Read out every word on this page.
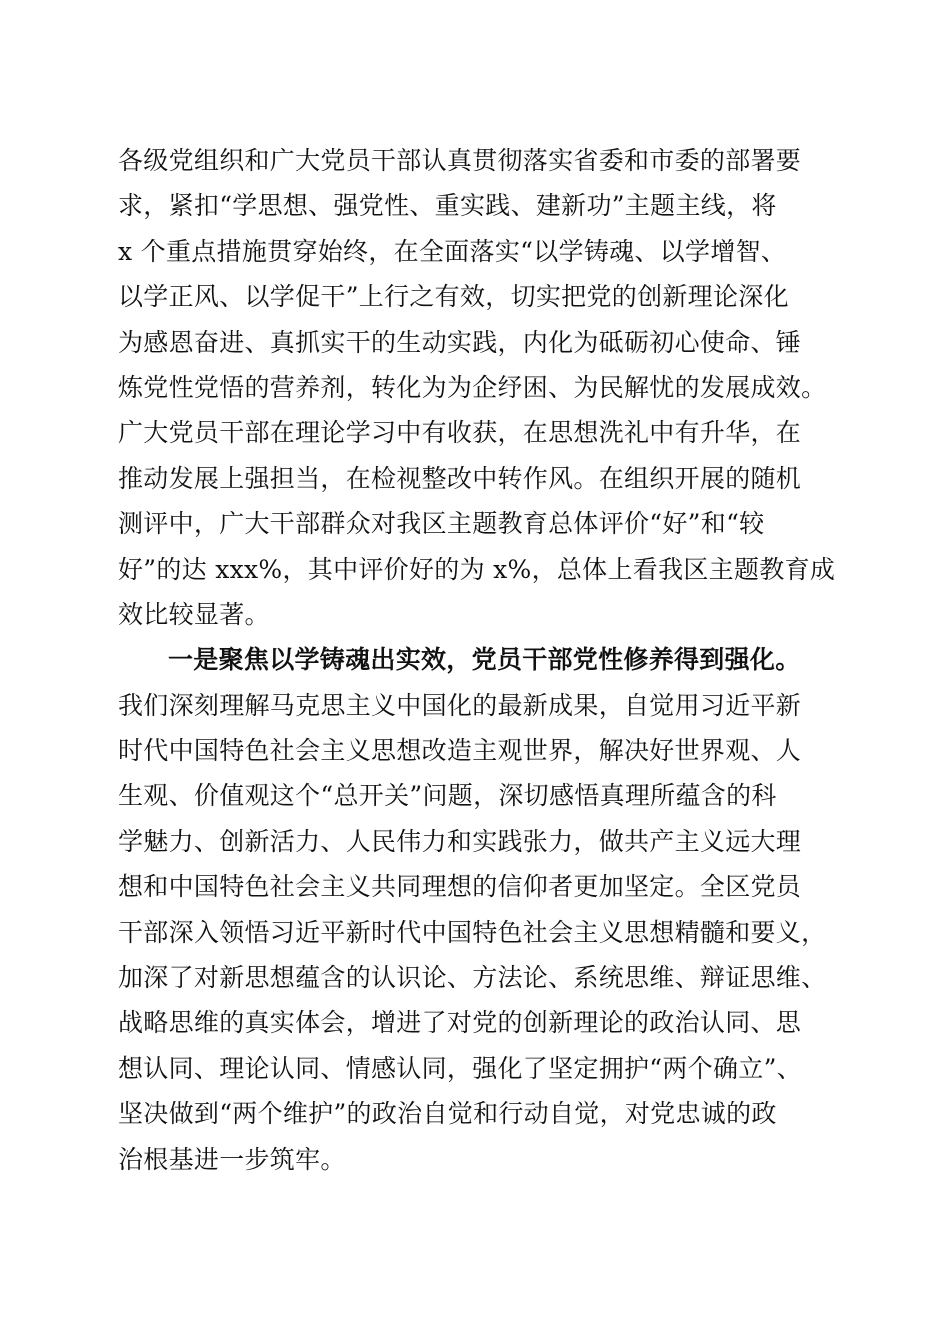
各级党组织和广大党员干部认真贯彻落实省委和市委的部署要
求，紧扣“学思想、强党性、重实践、建新功”主题主线，将
x 个重点措施贯穿始终，在全面落实“以学铸魂、以学增智、
以学正风、以学促干”上行之有效，切实把党的创新理论深化
为感恩奋进、真抓实干的生动实践，内化为砥砺初心使命、锤
炼党性党悟的营养剂，转化为为企纾困、为民解忧的发展成效。
广大党员干部在理论学习中有收获，在思想洗礼中有升华，在
推动发展上强担当，在检视整改中转作风。在组织开展的随机
测评中，广大干部群众对我区主题教育总体评价“好”和“较
好”的达 xxx%，其中评价好的为 x%，总体上看我区主题教育成
效比较显著。
一是聚焦以学铸魂出实效，党员干部党性修养得到强化。
我们深刻理解马克思主义中国化的最新成果，自觉用习近平新
时代中国特色社会主义思想改造主观世界，解决好世界观、人
生观、价值观这个“总开关”问题，深切感悟真理所蕴含的科
学魅力、创新活力、人民伟力和实践张力，做共产主义远大理
想和中国特色社会主义共同理想的信仰者更加坚定。全区党员
干部深入领悟习近平新时代中国特色社会主义思想精髓和要义，
加深了对新思想蕴含的认识论、方法论、系统思维、辩证思维、
战略思维的真实体会，增进了对党的创新理论的政治认同、思
想认同、理论认同、情感认同，强化了坚定拥护“两个确立”、
坚决做到“两个维护”的政治自觉和行动自觉，对党忠诚的政
治根基进一步筑牢。
